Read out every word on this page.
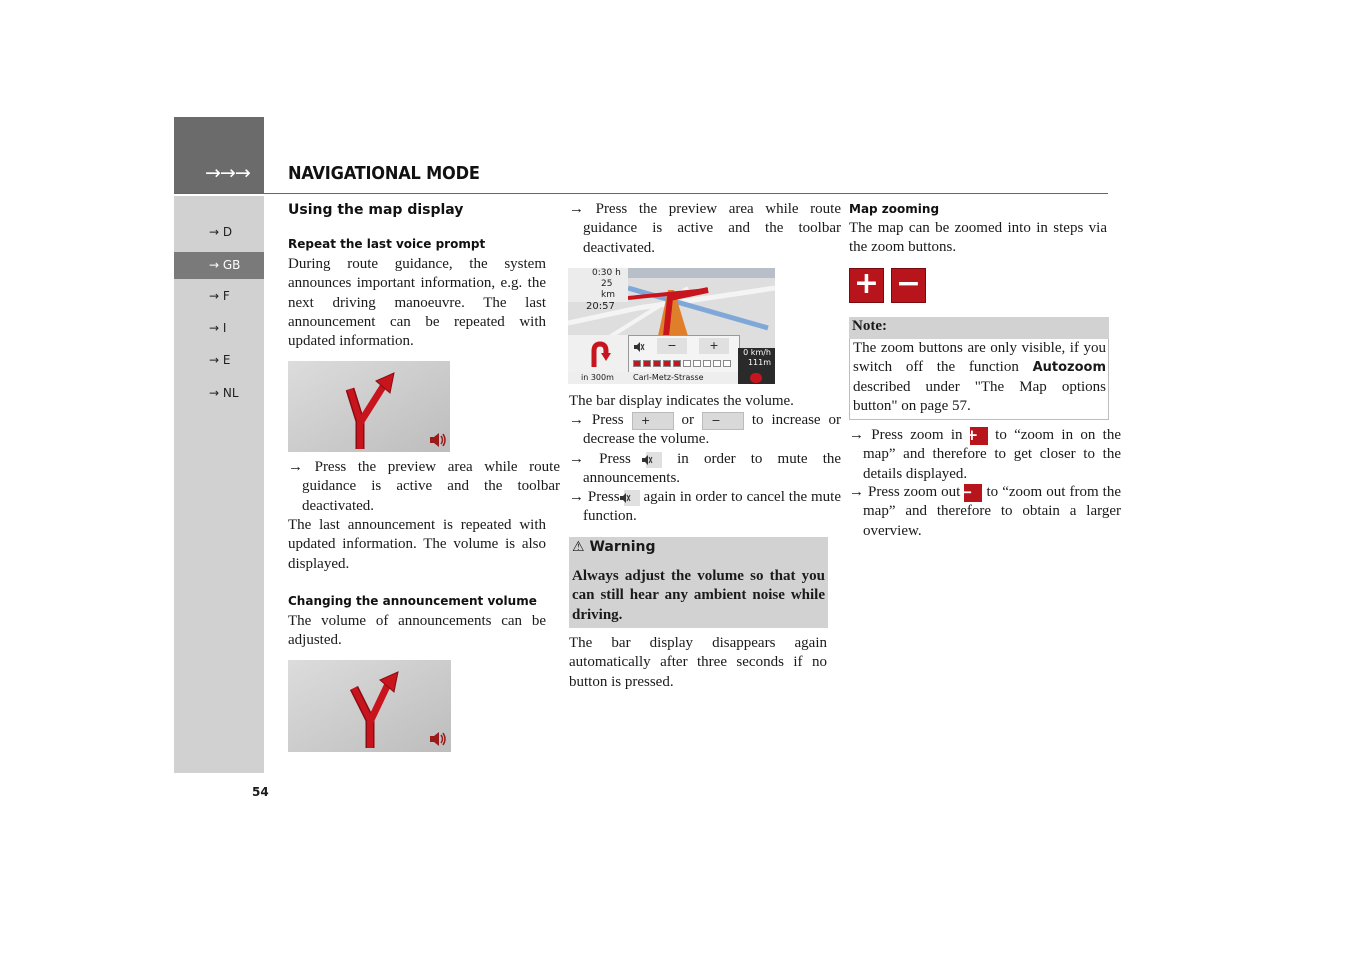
→→→ NAVIGATIONAL MODE
→ D
→ GB
→ F
→ I
→ E
→ NL
54
Using the map display
Repeat the last voice prompt
During route guidance, the system announces important information, e.g. the next driving manoeuvre. The last announcement can be repeated with updated information.
→ Press the preview area while route guidance is active and the toolbar deactivated.
The last announcement is repeated with updated information. The volume is also displayed.
Changing the announcement volume
The volume of announcements can be adjusted.
→ Press the preview area while route guidance is active and the toolbar deactivated.
0:30 h
25 km
20:57
−	+
in 300m Carl-Metz-Strasse
0 km/h
111m
The bar display indicates the volume.
→ Press + or − to increase or decrease the volume.
→ Press	in order to mute the announcements.
→ Press again in order to cancel the mute function.
⚠ Warning
Always adjust the volume so that you can still hear any ambient noise while driving.
The bar display disappears again automatically after three seconds if no button is pressed.
Map zooming
The map can be zoomed into in steps via the zoom buttons.
+ −
Note:
The zoom buttons are only visible, if you switch off the function Autozoom described under "The Map options button" on page 57.
→ Press zoom in + to “zoom in on the map” and therefore to get closer to the details displayed.
→ Press zoom out − to “zoom out from the map” and therefore to obtain a larger overview.
